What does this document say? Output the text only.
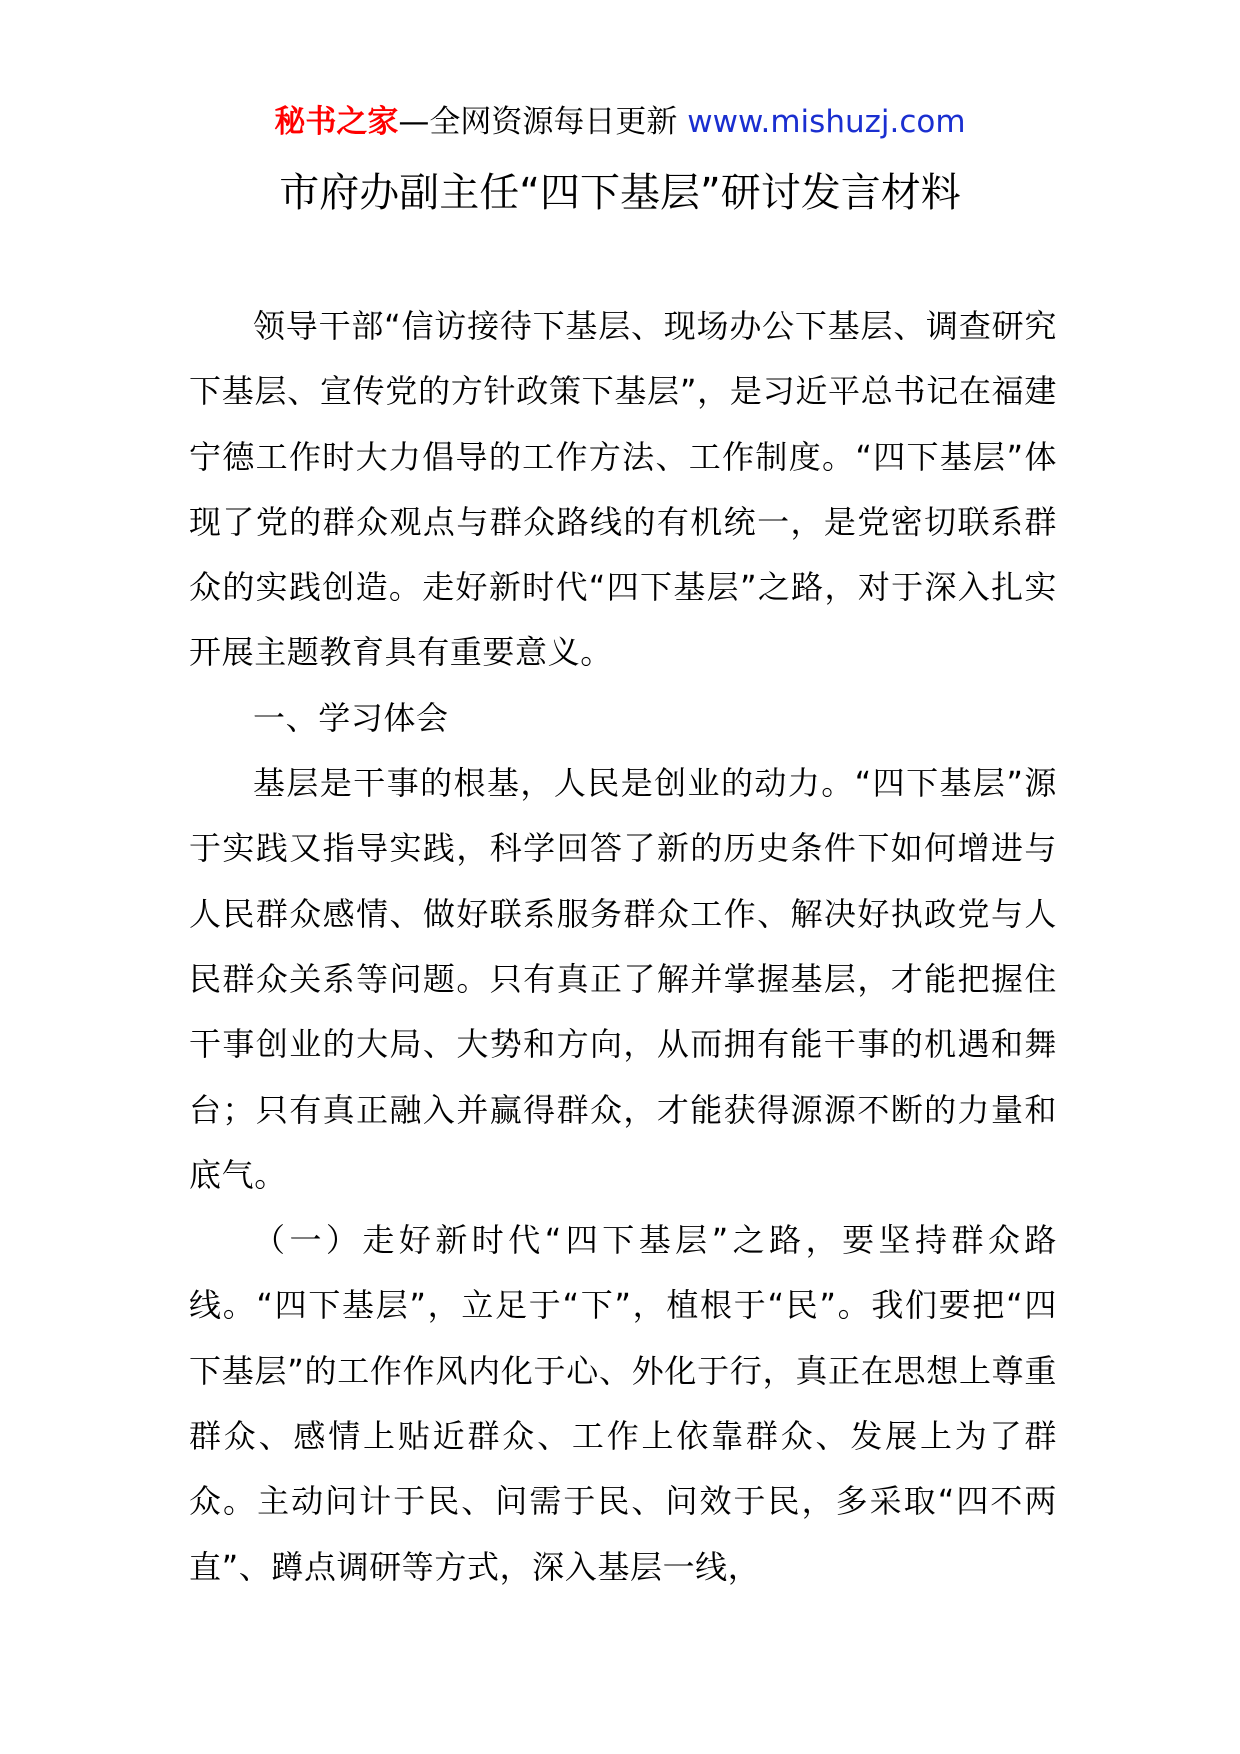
秘书之家—全网资源每日更新 www.mishuzj.com
市府办副主任“四下基层”研讨发言材料

领导干部“信访接待下基层、现场办公下基层、调查研究下基层、宣传党的方针政策下基层”，是习近平总书记在福建宁德工作时大力倡导的工作方法、工作制度。“四下基层”体现了党的群众观点与群众路线的有机统一，是党密切联系群众的实践创造。走好新时代“四下基层”之路，对于深入扎实开展主题教育具有重要意义。

一、学习体会

基层是干事的根基，人民是创业的动力。“四下基层”源于实践又指导实践，科学回答了新的历史条件下如何增进与人民群众感情、做好联系服务群众工作、解决好执政党与人民群众关系等问题。只有真正了解并掌握基层，才能把握住干事创业的大局、大势和方向，从而拥有能干事的机遇和舞台；只有真正融入并赢得群众，才能获得源源不断的力量和底气。

（一）走好新时代“四下基层”之路，要坚持群众路线。“四下基层”，立足于“下”，植根于“民”。我们要把“四下基层”的工作作风内化于心、外化于行，真正在思想上尊重群众、感情上贴近群众、工作上依靠群众、发展上为了群众。主动问计于民、问需于民、问效于民，多采取“四不两直”、蹲点调研等方式，深入基层一线，
